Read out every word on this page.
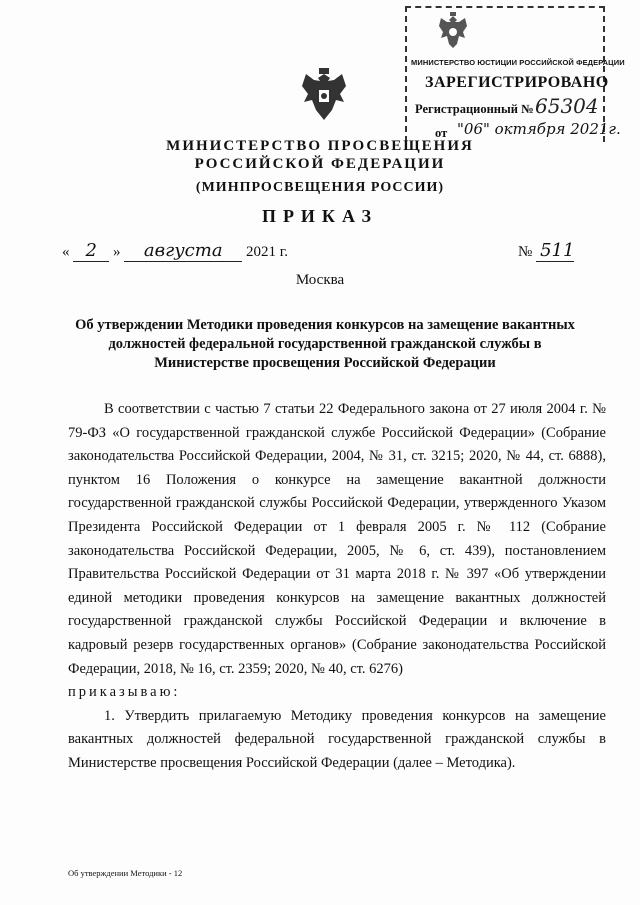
МИНИСТЕРСТВО ЮСТИЦИИ РОССИЙСКОЙ ФЕДЕРАЦИИ
ЗАРЕГИСТРИРОВАНО
Регистрационный № 65304
от "06" октября 2021г.
МИНИСТЕРСТВО ПРОСВЕЩЕНИЯ
РОССИЙСКОЙ ФЕДЕРАЦИИ
(МИНПРОСВЕЩЕНИЯ РОССИИ)
ПРИКАЗ
« 2 » августа 2021 г.	№ 511
Москва
Об утверждении Методики проведения конкурсов на замещение вакантных должностей федеральной государственной гражданской службы в Министерстве просвещения Российской Федерации

В соответствии с частью 7 статьи 22 Федерального закона от 27 июля 2004 г. № 79-ФЗ «О государственной гражданской службе Российской Федерации» (Собрание законодательства Российской Федерации, 2004, № 31, ст. 3215; 2020, № 44, ст. 6888), пунктом 16 Положения о конкурсе на замещение вакантной должности государственной гражданской службы Российской Федерации, утвержденного Указом Президента Российской Федерации от 1 февраля 2005 г. № 112 (Собрание законодательства Российской Федерации, 2005, № 6, ст. 439), постановлением Правительства Российской Федерации от 31 марта 2018 г. № 397 «Об утверждении единой методики проведения конкурсов на замещение вакантных должностей государственной гражданской службы Российской Федерации и включение в кадровый резерв государственных органов» (Собрание законодательства Российской Федерации, 2018, № 16, ст. 2359; 2020, № 40, ст. 6276)

приказываю:

1. Утвердить прилагаемую Методику проведения конкурсов на замещение вакантных должностей федеральной государственной гражданской службы в Министерстве просвещения Российской Федерации (далее – Методика).

Об утверждении Методики - 12
